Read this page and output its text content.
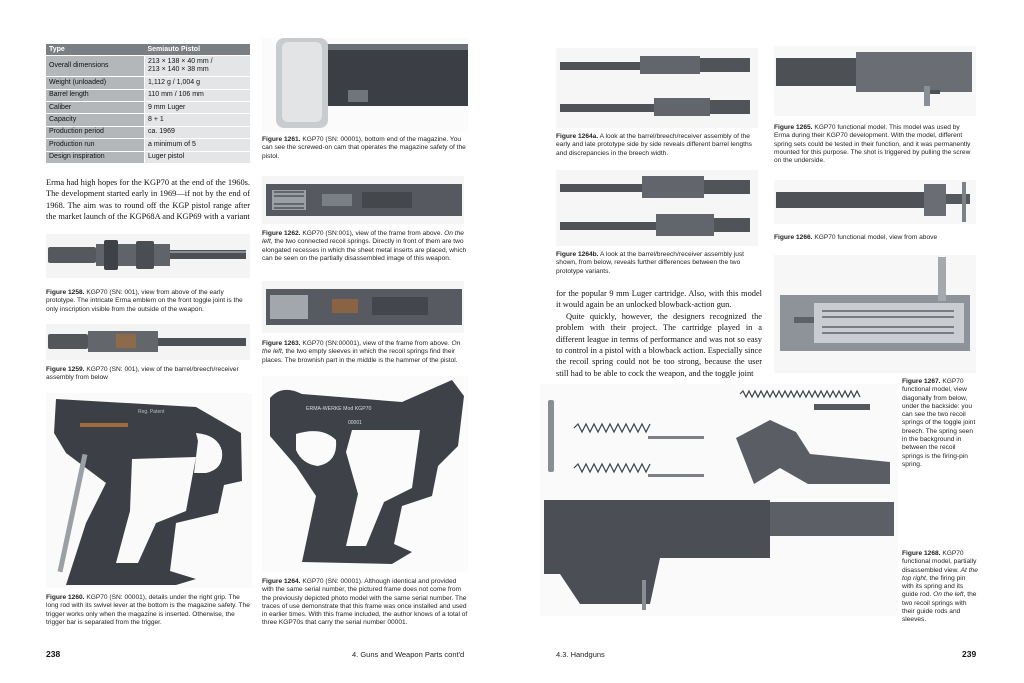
Type	Semiauto Pistol
Overall dimensions	213 × 138 × 40 mm /
213 × 140 × 38 mm
Weight (unloaded)	1,112 g / 1,004 g
Barrel length	110 mm / 106 mm
Caliber	9 mm Luger
Capacity	8 + 1
Production period	ca. 1969
Production run	a minimum of 5
Design inspiration	Luger pistol

Erma had high hopes for the KGP70 at the end of the 1960s. The development started early in 1969—if not by the end of 1968. The aim was to round off the KGP pistol range after the market launch of the KGP68A and KGP69 with a variant

Figure 1258. KGP70 (SN: 001), view from above of the early prototype. The intricate Erma emblem on the front toggle joint is the only inscription visible from the outside of the weapon.
Figure 1259. KGP70 (SN: 001), view of the barrel/breech/receiver assembly from below
Reg. Patent
Figure 1260. KGP70 (SN: 00001), details under the right grip. The long rod with its swivel lever at the bottom is the magazine safety. The trigger works only when the magazine is inserted. Otherwise, the trigger bar is separated from the trigger.
Figure 1261. KGP70 (SN: 00001), bottom end of the magazine. You can see the screwed-on cam that operates the magazine safety of the pistol.
Figure 1262. KGP70 (SN:001), view of the frame from above. On the left, the two connected recoil springs. Directly in front of them are two elongated recesses in which the sheet metal inserts are placed, which can be seen on the partially disassembled image of this weapon.
Figure 1263. KGP70 (SN:00001), view of the frame from above. On the left, the two empty sleeves in which the recoil springs find their places. The brownish part in the middle is the hammer of the pistol.
ERMA-WERKE Mod KGP70
00001
Figure 1264. KGP70 (SN: 00001). Although identical and provided with the same serial number, the pictured frame does not come from the previously depicted photo model with the same serial number. The traces of use demonstrate that this frame was once installed and used in earlier times. With this frame included, the author knows of a total of three KGP70s that carry the serial number 00001.
238	4. Guns and Weapon Parts cont'd
Figure 1264a. A look at the barrel/breech/receiver assembly of the early and late prototype side by side reveals different barrel lengths and discrepancies in the breech width.
Figure 1264b. A look at the barrel/breech/receiver assembly just shown, from below, reveals further differences between the two prototype variants.

for the popular 9 mm Luger cartridge. Also, with this model it would again be an unlocked blowback-action gun.

Quite quickly, however, the designers recognized the problem with their project. The cartridge played in a different league in terms of performance and was not so easy to control in a pistol with a blowback action. Especially since the recoil spring could not be too strong, because the user still had to be able to cock the weapon, and the toggle joint

Figure 1265. KGP70 functional model. This model was used by Erma during their KGP70 development. With the model, different spring sets could be tested in their function, and it was permanently mounted for this purpose. The shot is triggered by pulling the screw on the underside.
Figure 1266. KGP70 functional model, view from above
Figure 1267. KGP70 functional model, view diagonally from below, under the backside: you can see the two recoil springs of the toggle joint breech. The spring seen in the background in between the recoil springs is the firing-pin spring.
Figure 1268. KGP70 functional model, partially disassembled view. At the top right, the firing pin with its spring and its guide rod. On the left, the two recoil springs with their guide rods and sleeves.
4.3. Handguns	239
